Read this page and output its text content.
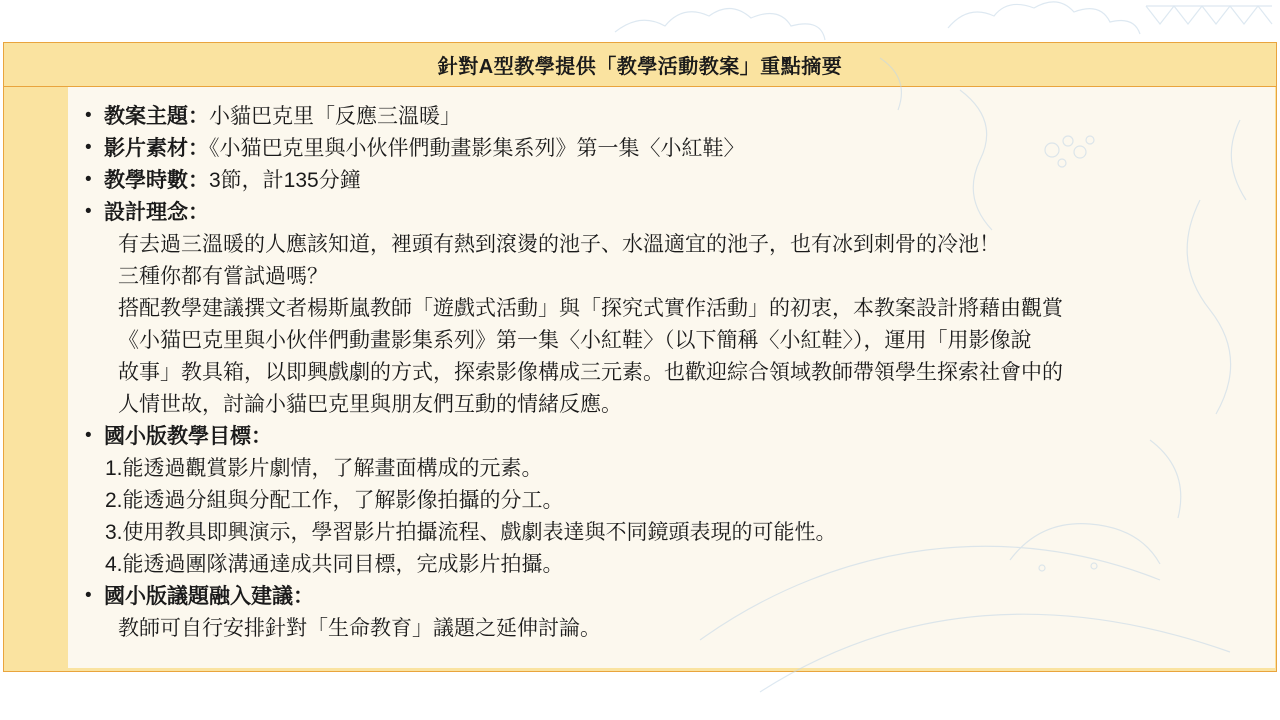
針對A型教學提供「教學活動教案」重點摘要
• 教案主題：小貓巴克里「反應三溫暖」
• 影片素材：《小猫巴克里與小伙伴們動畫影集系列》第一集〈小紅鞋〉
• 教學時數：3節，計135分鐘
• 設計理念：
有去過三溫暖的人應該知道，裡頭有熱到滾燙的池子、水溫適宜的池子，也有冰到刺骨的冷池！
三種你都有嘗試過嗎？
搭配教學建議撰文者楊斯嵐教師「遊戲式活動」與「探究式實作活動」的初衷，本教案設計將藉由觀賞
《小猫巴克里與小伙伴們動畫影集系列》第一集〈小紅鞋〉（以下簡稱〈小紅鞋〉），運用「用影像說
故事」教具箱，以即興戲劇的方式，探索影像構成三元素。也歡迎綜合領域教師帶領學生探索社會中的
人情世故，討論小貓巴克里與朋友們互動的情緒反應。
• 國小版教學目標：
1.能透過觀賞影片劇情，了解畫面構成的元素。
2.能透過分組與分配工作，了解影像拍攝的分工。
3.使用教具即興演示，學習影片拍攝流程、戲劇表達與不同鏡頭表現的可能性。
4.能透過團隊溝通達成共同目標，完成影片拍攝。
• 國小版議題融入建議：
教師可自行安排針對「生命教育」議題之延伸討論。
